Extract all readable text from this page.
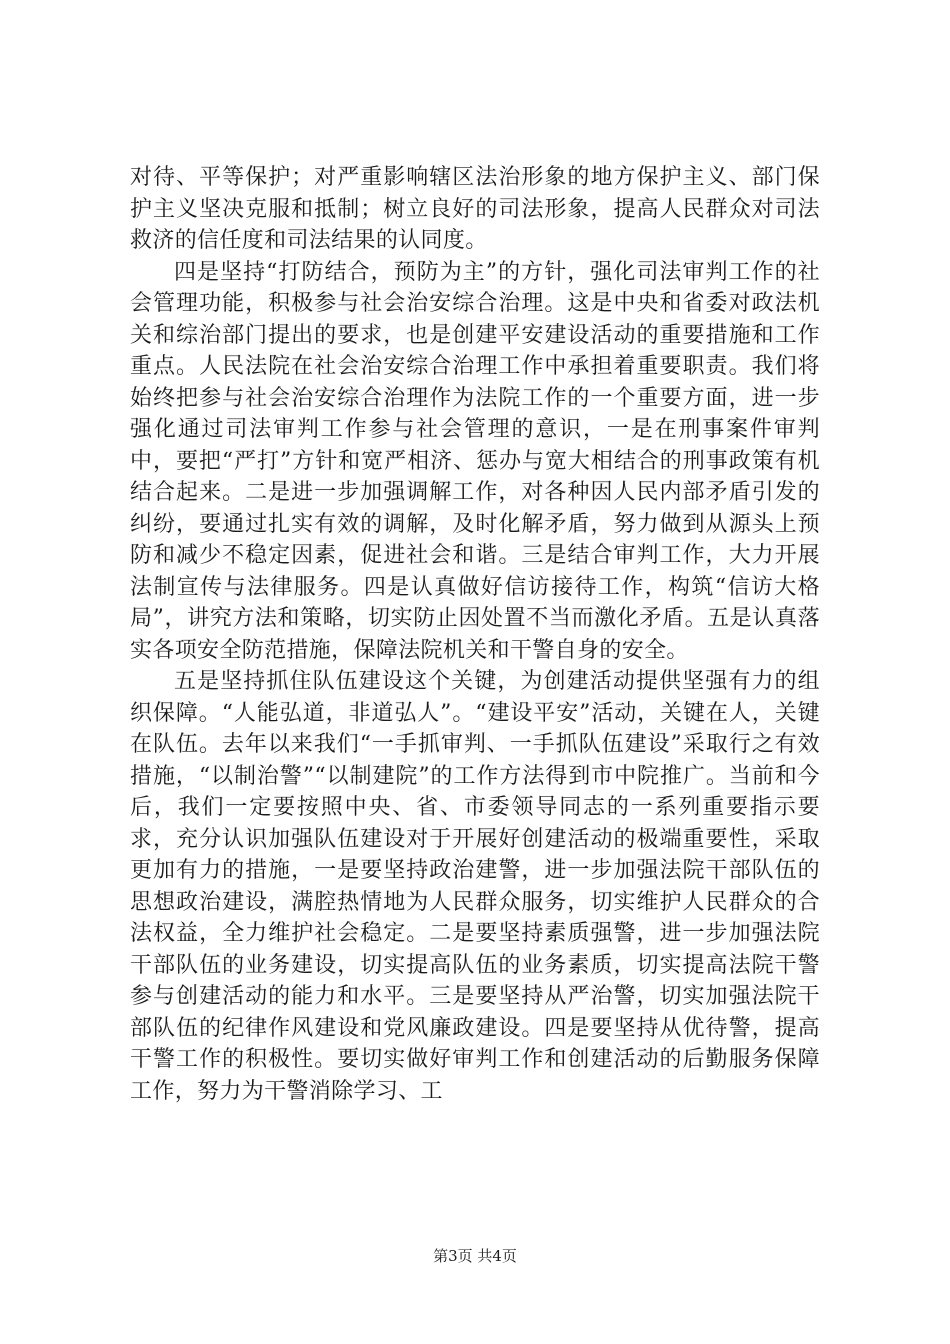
对待、平等保护；对严重影响辖区法治形象的地方保护主义、部门保护主义坚决克服和抵制；树立良好的司法形象，提高人民群众对司法救济的信任度和司法结果的认同度。

四是坚持“打防结合，预防为主”的方针，强化司法审判工作的社会管理功能，积极参与社会治安综合治理。这是中央和省委对政法机关和综治部门提出的要求，也是创建平安建设活动的重要措施和工作重点。人民法院在社会治安综合治理工作中承担着重要职责。我们将始终把参与社会治安综合治理作为法院工作的一个重要方面，进一步强化通过司法审判工作参与社会管理的意识，一是在刑事案件审判中，要把“严打”方针和宽严相济、惩办与宽大相结合的刑事政策有机结合起来。二是进一步加强调解工作，对各种因人民内部矛盾引发的纠纷，要通过扎实有效的调解，及时化解矛盾，努力做到从源头上预防和减少不稳定因素，促进社会和谐。三是结合审判工作，大力开展法制宣传与法律服务。四是认真做好信访接待工作，构筑“信访大格局”，讲究方法和策略，切实防止因处置不当而激化矛盾。五是认真落实各项安全防范措施，保障法院机关和干警自身的安全。

五是坚持抓住队伍建设这个关键，为创建活动提供坚强有力的组织保障。“人能弘道，非道弘人”。“建设平安”活动，关键在人，关键在队伍。去年以来我们“一手抓审判、一手抓队伍建设”采取行之有效措施，“以制治警”“以制建院”的工作方法得到市中院推广。当前和今后，我们一定要按照中央、省、市委领导同志的一系列重要指示要求，充分认识加强队伍建设对于开展好创建活动的极端重要性，采取更加有力的措施，一是要坚持政治建警，进一步加强法院干部队伍的思想政治建设，满腔热情地为人民群众服务，切实维护人民群众的合法权益，全力维护社会稳定。二是要坚持素质强警，进一步加强法院干部队伍的业务建设，切实提高队伍的业务素质，切实提高法院干警参与创建活动的能力和水平。三是要坚持从严治警，切实加强法院干部队伍的纪律作风建设和党风廉政建设。四是要坚持从优待警，提高干警工作的积极性。要切实做好审判工作和创建活动的后勤服务保障工作，努力为干警消除学习、工

第3页 共4页
